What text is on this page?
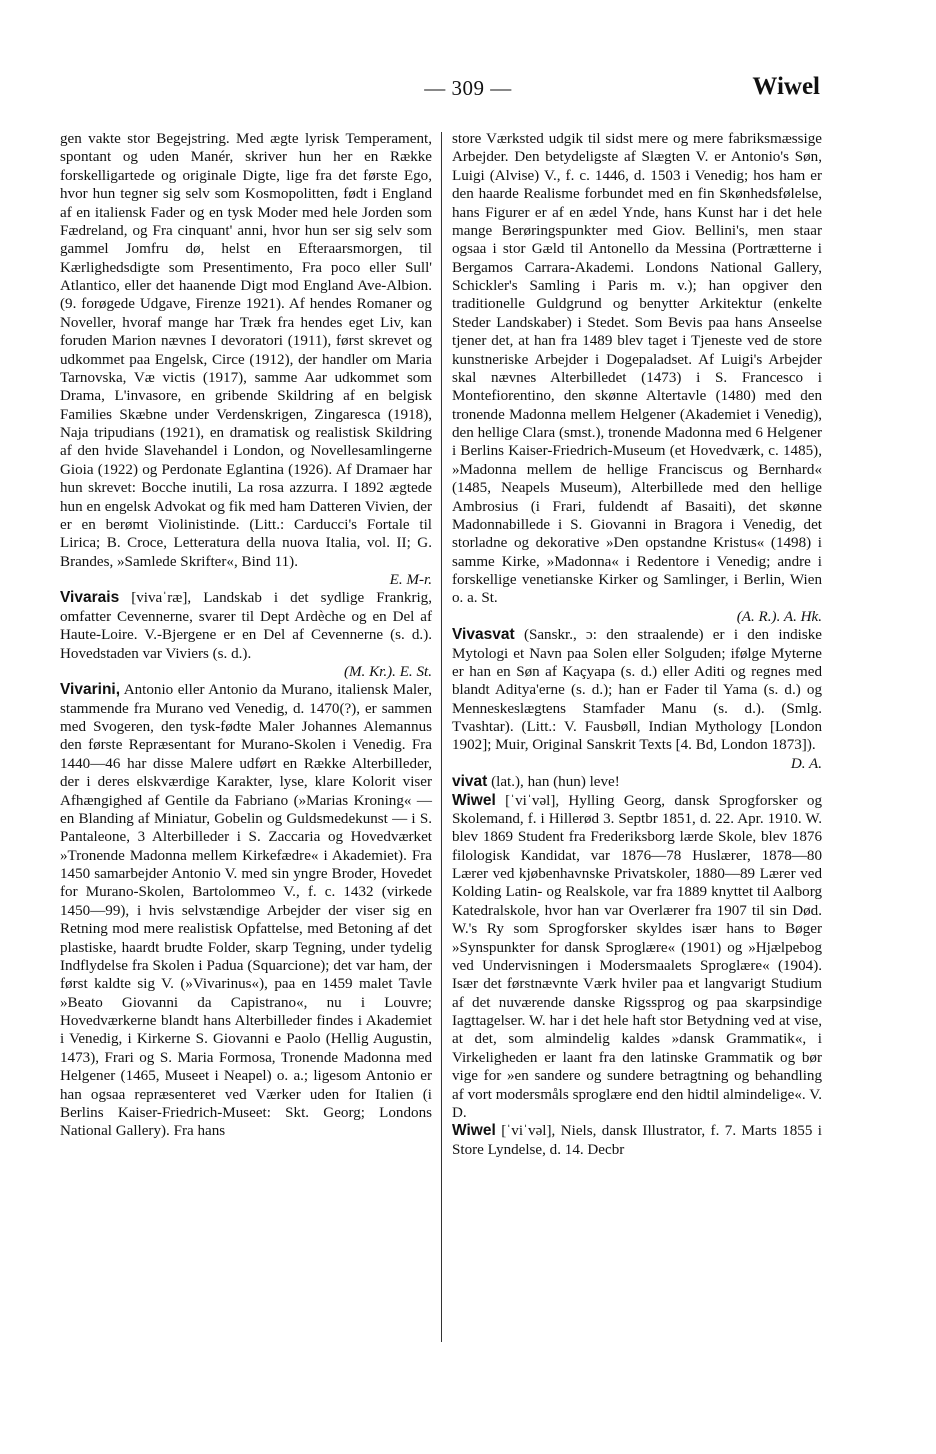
— 309 —	Wiwel

gen vakte stor Begejstring. Med ægte lyrisk Temperament, spontant og uden Manér, skriver hun her en Række forskelligartede og originale Digte, lige fra det første Ego, hvor hun tegner sig selv som Kosmopolitten, født i England af en italiensk Fader og en tysk Moder med hele Jorden som Fædreland, og Fra cinquant' anni, hvor hun ser sig selv som gammel Jomfru dø, helst en Efteraarsmorgen, til Kærlighedsdigte som Presentimento, Fra poco eller Sull' Atlantico, eller det haanende Digt mod England Ave-Albion. (9. forøgede Udgave, Firenze 1921). Af hendes Romaner og Noveller, hvoraf mange har Træk fra hendes eget Liv, kan foruden Marion nævnes I devoratori (1911), først skrevet og udkommet paa Engelsk, Circe (1912), der handler om Maria Tarnovska, Væ victis (1917), samme Aar udkommet som Drama, L'invasore, en gribende Skildring af en belgisk Families Skæbne under Verdenskrigen, Zingaresca (1918), Naja tripudians (1921), en dramatisk og realistisk Skildring af den hvide Slavehandel i London, og Novellesamlingerne Gioia (1922) og Perdonate Eglantina (1926). Af Dramaer har hun skrevet: Bocche inutili, La rosa azzurra. I 1892 ægtede hun en engelsk Advokat og fik med ham Datteren Vivien, der er en berømt Violinistinde. (Litt.: Carducci's Fortale til Lirica; B. Croce, Letteratura della nuova Italia, vol. II; G. Brandes, »Samlede Skrifter«, Bind 11).
E. M-r.

Vivarais [vivaˈræ], Landskab i det sydlige Frankrig, omfatter Cevennerne, svarer til Dept Ardèche og en Del af Haute-Loire. V.-Bjergene er en Del af Cevennerne (s. d.). Hovedstaden var Viviers (s. d.).
(M. Kr.). E. St.

Vivarini, Antonio eller Antonio da Murano, italiensk Maler, stammende fra Murano ved Venedig, d. 1470(?), er sammen med Svogeren, den tysk-fødte Maler Johannes Alemannus den første Repræsentant for Murano-Skolen i Venedig. Fra 1440—46 har disse Malere udført en Række Alterbilleder, der i deres elskværdige Karakter, lyse, klare Kolorit viser Afhængighed af Gentile da Fabriano (»Marias Kroning« — en Blanding af Miniatur, Gobelin og Guldsmedekunst — i S. Pantaleone, 3 Alterbilleder i S. Zaccaria og Hovedværket »Tronende Madonna mellem Kirkefædre« i Akademiet). Fra 1450 samarbejder Antonio V. med sin yngre Broder, Hovedet for Murano-Skolen, Bartolommeo V., f. c. 1432 (virkede 1450—99), i hvis selvstændige Arbejder der viser sig en Retning mod mere realistisk Opfattelse, med Betoning af det plastiske, haardt brudte Folder, skarp Tegning, under tydelig Indflydelse fra Skolen i Padua (Squarcione); det var ham, der først kaldte sig V. (»Vivarinus«), paa en 1459 malet Tavle »Beato Giovanni da Capistrano«, nu i Louvre; Hovedværkerne blandt hans Alterbilleder findes i Akademiet i Venedig, i Kirkerne S. Giovanni e Paolo (Hellig Augustin, 1473), Frari og S. Maria Formosa, Tronende Madonna med Helgener (1465, Museet i Neapel) o. a.; ligesom Antonio er han ogsaa repræsenteret ved Værker uden for Italien (i Berlins Kaiser-Friedrich-Museet: Skt. Georg; Londons National Gallery). Fra hans

store Værksted udgik til sidst mere og mere fabriksmæssige Arbejder. Den betydeligste af Slægten V. er Antonio's Søn, Luigi (Alvise) V., f. c. 1446, d. 1503 i Venedig; hos ham er den haarde Realisme forbundet med en fin Skønhedsfølelse, hans Figurer er af en ædel Ynde, hans Kunst har i det hele mange Berøringspunkter med Giov. Bellini's, men staar ogsaa i stor Gæld til Antonello da Messina (Portrætterne i Bergamos Carrara-Akademi. Londons National Gallery, Schickler's Samling i Paris m. v.); han opgiver den traditionelle Guldgrund og benytter Arkitektur (enkelte Steder Landskaber) i Stedet. Som Bevis paa hans Anseelse tjener det, at han fra 1489 blev taget i Tjeneste ved de store kunstneriske Arbejder i Dogepaladset. Af Luigi's Arbejder skal nævnes Alterbilledet (1473) i S. Francesco i Montefiorentino, den skønne Altertavle (1480) med den tronende Madonna mellem Helgener (Akademiet i Venedig), den hellige Clara (smst.), tronende Madonna med 6 Helgener i Berlins Kaiser-Friedrich-Museum (et Hovedværk, c. 1485), »Madonna mellem de hellige Franciscus og Bernhard« (1485, Neapels Museum), Alterbillede med den hellige Ambrosius (i Frari, fuldendt af Basaiti), det skønne Madonnabillede i S. Giovanni in Bragora i Venedig, det storladne og dekorative »Den opstandne Kristus« (1498) i samme Kirke, »Madonna« i Redentore i Venedig; andre i forskellige venetianske Kirker og Samlinger, i Berlin, Wien o. a. St.
(A. R.). A. Hk.

Vivasvat (Sanskr., ɔ: den straalende) er i den indiske Mytologi et Navn paa Solen eller Solguden; ifølge Myterne er han en Søn af Kaçyapa (s. d.) eller Aditi og regnes med blandt Aditya'erne (s. d.); han er Fader til Yama (s. d.) og Menneskeslægtens Stamfader Manu (s. d.). (Smlg. Tvashtar). (Litt.: V. Fausbøll, Indian Mythology [London 1902]; Muir, Original Sanskrit Texts [4. Bd, London 1873]).
D. A.

vivat (lat.), han (hun) leve!

Wiwel [ˈviˈvəl], Hylling Georg, dansk Sprogforsker og Skolemand, f. i Hillerød 3. Septbr 1851, d. 22. Apr. 1910. W. blev 1869 Student fra Frederiksborg lærde Skole, blev 1876 filologisk Kandidat, var 1876—78 Huslærer, 1878—80 Lærer ved kjøbenhavnske Privatskoler, 1880—89 Lærer ved Kolding Latin- og Realskole, var fra 1889 knyttet til Aalborg Katedralskole, hvor han var Overlærer fra 1907 til sin Død. W.'s Ry som Sprogforsker skyldes især hans to Bøger »Synspunkter for dansk Sproglære« (1901) og »Hjælpebog ved Undervisningen i Modersmaalets Sproglære« (1904). Især det førstnævnte Værk hviler paa et langvarigt Studium af det nuværende danske Rigssprog og paa skarpsindige Iagttagelser. W. har i det hele haft stor Betydning ved at vise, at det, som almindelig kaldes »dansk Grammatik«, i Virkeligheden er laant fra den latinske Grammatik og bør vige for »en sandere og sundere betragtning og behandling af vort modersmåls sproglære end den hidtil almindelige«. V. D.

Wiwel [ˈviˈvəl], Niels, dansk Illustrator, f. 7. Marts 1855 i Store Lyndelse, d. 14. Decbr
